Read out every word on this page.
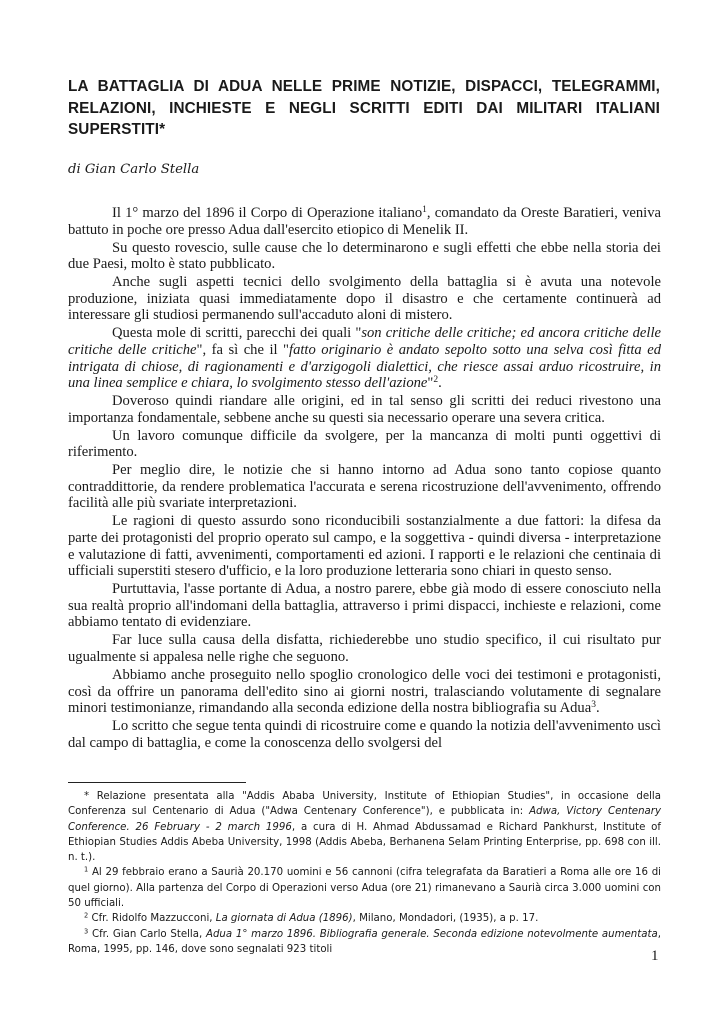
LA BATTAGLIA DI ADUA NELLE PRIME NOTIZIE, DISPACCI, TELEGRAMMI, RELAZIONI, INCHIESTE E NEGLI SCRITTI EDITI DAI MILITARI ITALIANI SUPERSTITI*

di Gian Carlo Stella

Il 1° marzo del 1896 il Corpo di Operazione italiano$^1$, comandato da Oreste Baratieri, veniva battuto in poche ore presso Adua dall'esercito etiopico di Menelik II.

Su questo rovescio, sulle cause che lo determinarono e sugli effetti che ebbe nella storia dei due Paesi, molto è stato pubblicato.

Anche sugli aspetti tecnici dello svolgimento della battaglia si è avuta una notevole produzione, iniziata quasi immediatamente dopo il disastro e che certamente continuerà ad interessare gli studiosi permanendo sull'accaduto aloni di mistero.

Questa mole di scritti, parecchi dei quali "son critiche delle critiche; ed ancora critiche delle critiche delle critiche", fa sì che il "fatto originario è andato sepolto sotto una selva così fitta ed intrigata di chiose, di ragionamenti e d'arzigogoli dialettici, che riesce assai arduo ricostruire, in una linea semplice e chiara, lo svolgimento stesso dell'azione"$^2$.

Doveroso quindi riandare alle origini, ed in tal senso gli scritti dei reduci rivestono una importanza fondamentale, sebbene anche su questi sia necessario operare una severa critica.

Un lavoro comunque difficile da svolgere, per la mancanza di molti punti oggettivi di riferimento.

Per meglio dire, le notizie che si hanno intorno ad Adua sono tanto copiose quanto contraddittorie, da rendere problematica l'accurata e serena ricostruzione dell'avvenimento, offrendo facilità alle più svariate interpretazioni.

Le ragioni di questo assurdo sono riconducibili sostanzialmente a due fattori: la difesa da parte dei protagonisti del proprio operato sul campo, e la soggettiva - quindi diversa - interpretazione e valutazione di fatti, avvenimenti, comportamenti ed azioni. I rapporti e le relazioni che centinaia di ufficiali superstiti stesero d'ufficio, e la loro produzione letteraria sono chiari in questo senso.

Purtuttavia, l'asse portante di Adua, a nostro parere, ebbe già modo di essere conosciuto nella sua realtà proprio all'indomani della battaglia, attraverso i primi dispacci, inchieste e relazioni, come abbiamo tentato di evidenziare.

Far luce sulla causa della disfatta, richiederebbe uno studio specifico, il cui risultato pur ugualmente si appalesa nelle righe che seguono.

Abbiamo anche proseguito nello spoglio cronologico delle voci dei testimoni e protagonisti, così da offrire un panorama dell'edito sino ai giorni nostri, tralasciando volutamente di segnalare minori testimonianze, rimandando alla seconda edizione della nostra bibliografia su Adua$^3$.

Lo scritto che segue tenta quindi di ricostruire come e quando la notizia dell'avvenimento uscì dal campo di battaglia, e come la conoscenza dello svolgersi del

* Relazione presentata alla "Addis Ababa University, Institute of Ethiopian Studies", in occasione della Conferenza sul Centenario di Adua ("Adwa Centenary Conference"), e pubblicata in: Adwa, Victory Centenary Conference. 26 February - 2 march 1996, a cura di H. Ahmad Abdussamad e Richard Pankhurst, Institute of Ethiopian Studies Addis Abeba University, 1998 (Addis Abeba, Berhanena Selam Printing Enterprise, pp. 698 con ill. n. t.).

$^1$ Al 29 febbraio erano a Saurià 20.170 uomini e 56 cannoni (cifra telegrafata da Baratieri a Roma alle ore 16 di quel giorno). Alla partenza del Corpo di Operazioni verso Adua (ore 21) rimanevano a Saurià circa 3.000 uomini con 50 ufficiali.

$^2$ Cfr. Ridolfo Mazzucconi, La giornata di Adua (1896), Milano, Mondadori, (1935), a p. 17.

$^3$ Cfr. Gian Carlo Stella, Adua 1° marzo 1896. Bibliografia generale. Seconda edizione notevolmente aumentata, Roma, 1995, pp. 146, dove sono segnalati 923 titoli	1
